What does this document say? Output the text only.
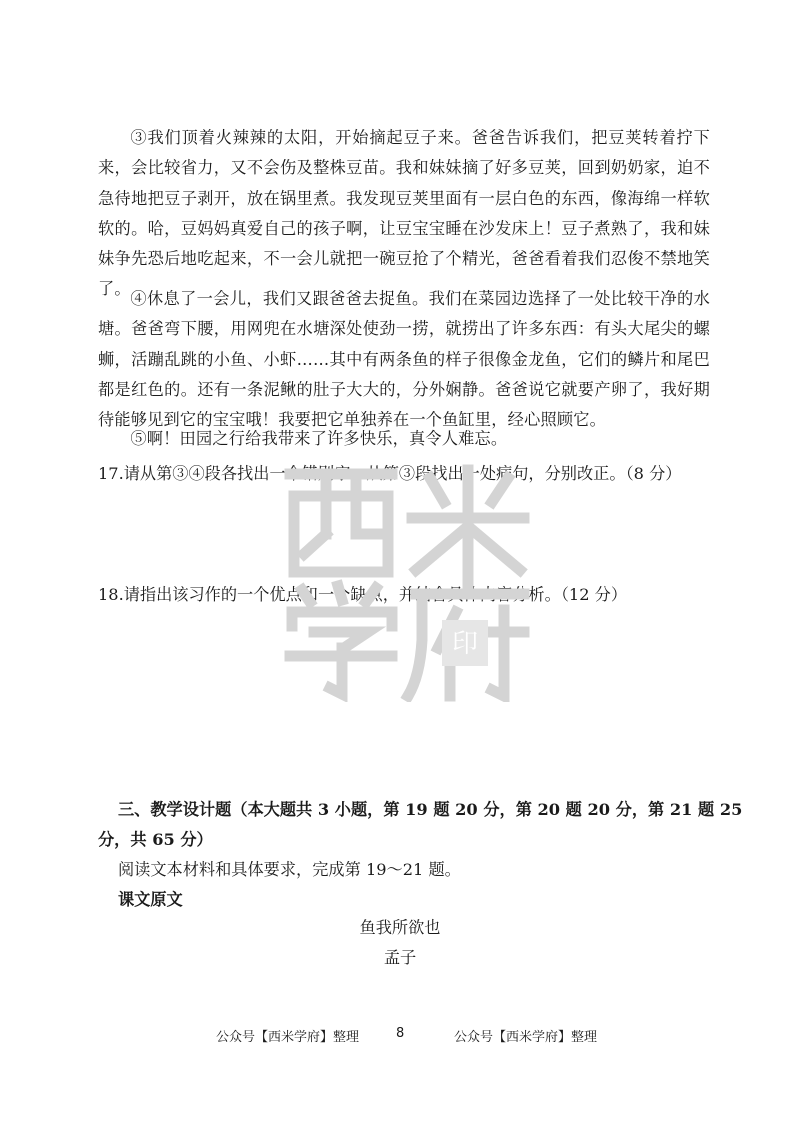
③我们顶着火辣辣的太阳，开始摘起豆子来。爸爸告诉我们，把豆荚转着拧下来，会比较省力，又不会伤及整株豆苗。我和妹妹摘了好多豆荚，回到奶奶家，迫不急待地把豆子剥开，放在锅里煮。我发现豆荚里面有一层白色的东西，像海绵一样软软的。哈，豆妈妈真爱自己的孩子啊，让豆宝宝睡在沙发床上！豆子煮熟了，我和妹妹争先恐后地吃起来，不一会儿就把一碗豆抢了个精光，爸爸看着我们忍俊不禁地笑了。

④休息了一会儿，我们又跟爸爸去捉鱼。我们在菜园边选择了一处比较干净的水塘。爸爸弯下腰，用网兜在水塘深处使劲一捞，就捞出了许多东西：有头大尾尖的螺蛳，活蹦乱跳的小鱼、小虾……其中有两条鱼的样子很像金龙鱼，它们的鳞片和尾巴都是红色的。还有一条泥鳅的肚子大大的，分外娴静。爸爸说它就要产卵了，我好期待能够见到它的宝宝哦！我要把它单独养在一个鱼缸里，经心照顾它。

⑤啊！田园之行给我带来了许多快乐，真令人难忘。

17.请从第③④段各找出一个错别字，从第③段找出一处病句，分别改正。（8 分）

18.请指出该习作的一个优点和一个缺点，并结合具体内容分析。（12 分）

印

三、教学设计题（本大题共 3 小题，第 19 题 20 分，第 20 题 20 分，第 21 题 25

分，共 65 分）

阅读文本材料和具体要求，完成第 19～21 题。

课文原文

鱼我所欲也
孟子
公众号【西米学府】整理	8	公众号【西米学府】整理
